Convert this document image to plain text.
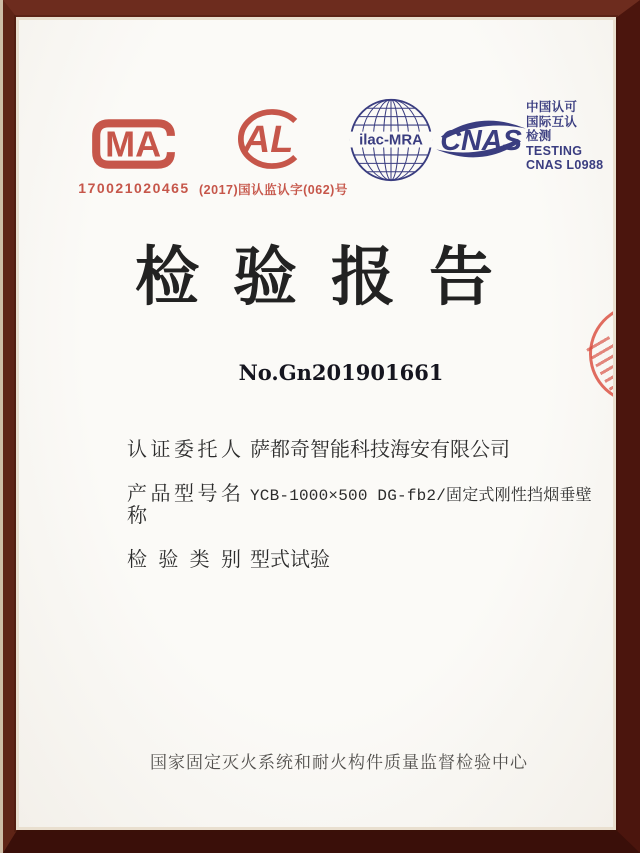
MA
170021020465
AL
(2017)国认监认字(062)号
ilac-MRA CNAS
中国认可
国际互认
检测
TESTING
CNAS L0988
检验报告
No.Gn201901661
认证委托人 萨都奇智能科技海安有限公司
产品型号名称
YCB-1000×500 DG-fb2/固定式刚性挡烟垂壁
检验类别 型式试验
国家固定灭火系统和耐火构件质量监督检验中心
